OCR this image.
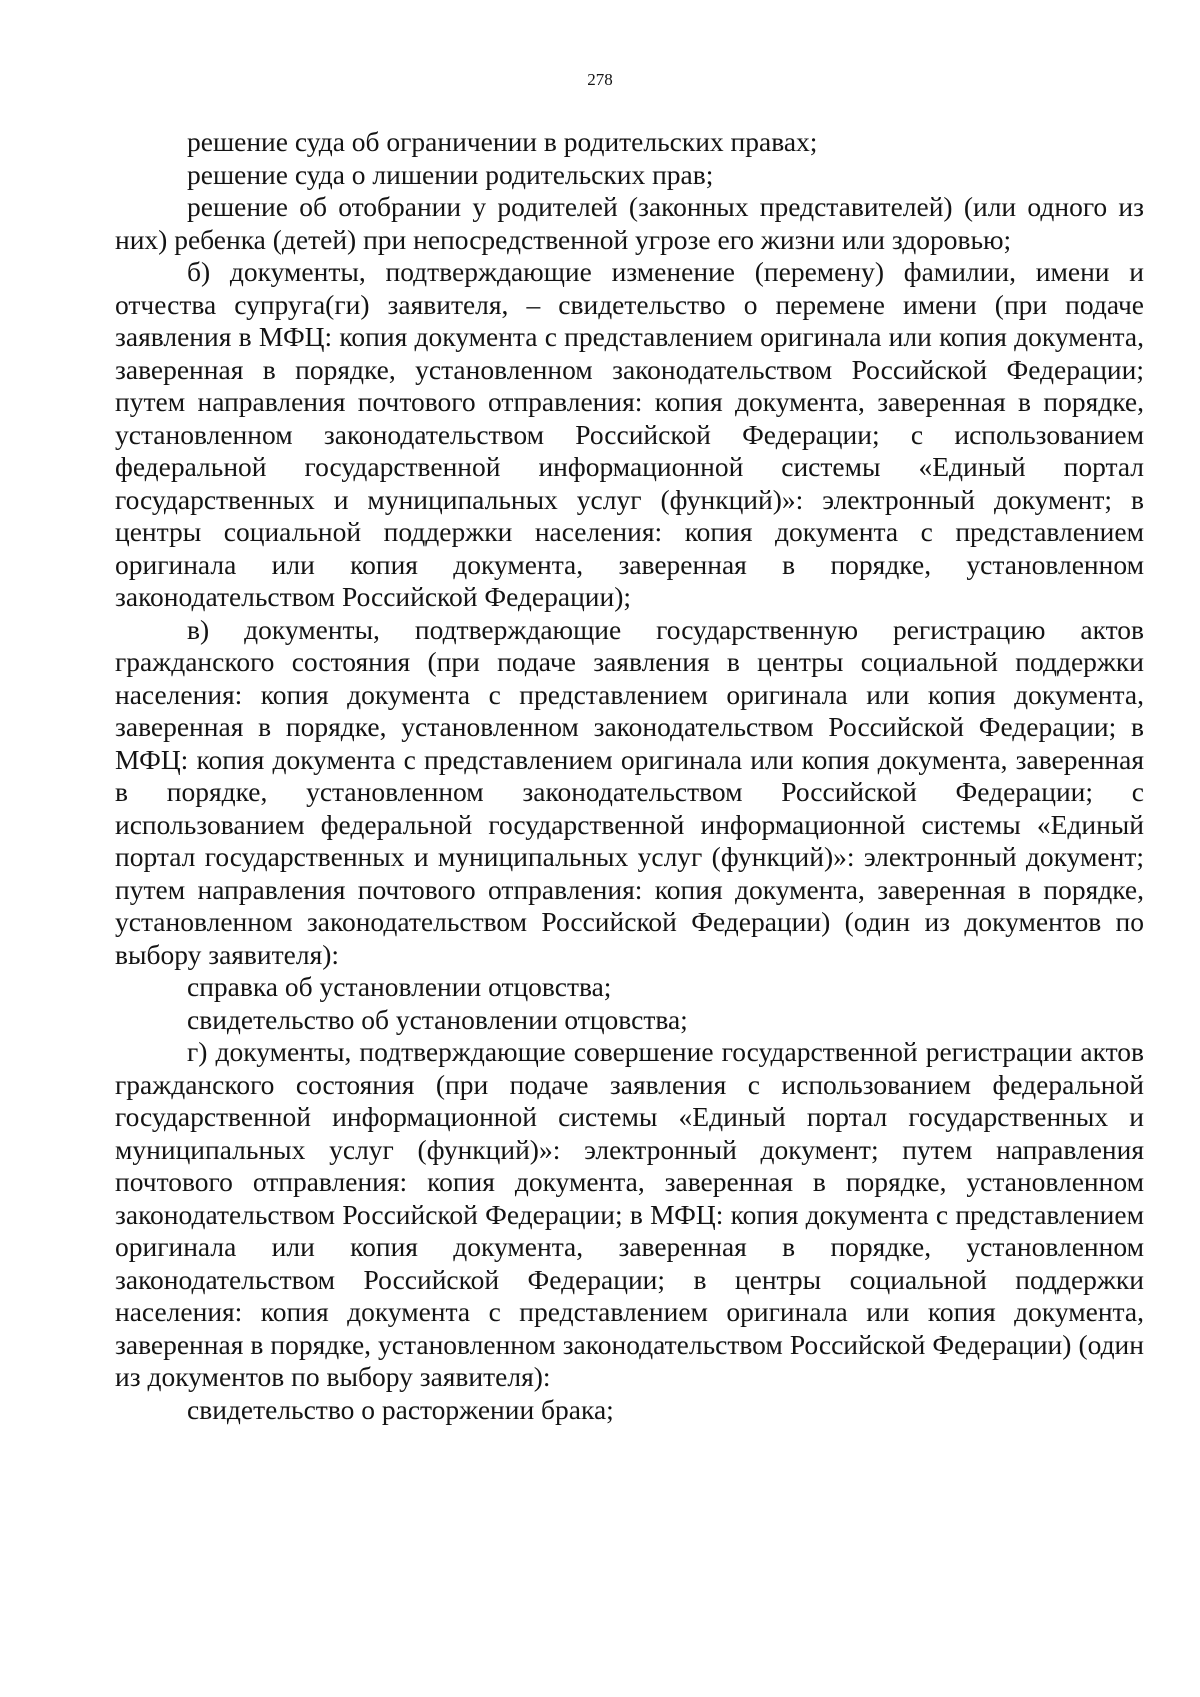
278

решение суда об ограничении в родительских правах;

решение суда о лишении родительских прав;

решение об отобрании у родителей (законных представителей) (или одного из них) ребенка (детей) при непосредственной угрозе его жизни или здоровью;

б) документы, подтверждающие изменение (перемену) фамилии, имени и отчества супруга(ги) заявителя, – свидетельство о перемене имени (при подаче заявления в МФЦ: копия документа с представлением оригинала или копия документа, заверенная в порядке, установленном законодательством Российской Федерации; путем направления почтового отправления: копия документа, заверенная в порядке, установленном законодательством Российской Федерации; с использованием федеральной государственной информационной системы «Единый портал государственных и муниципальных услуг (функций)»: электронный документ; в центры социальной поддержки населения: копия документа с представлением оригинала или копия документа, заверенная в порядке, установленном законодательством Российской Федерации);

в) документы, подтверждающие государственную регистрацию актов гражданского состояния (при подаче заявления в центры социальной поддержки населения: копия документа с представлением оригинала или копия документа, заверенная в порядке, установленном законодательством Российской Федерации; в МФЦ: копия документа с представлением оригинала или копия документа, заверенная в порядке, установленном законодательством Российской Федерации; с использованием федеральной государственной информационной системы «Единый портал государственных и муниципальных услуг (функций)»: электронный документ; путем направления почтового отправления: копия документа, заверенная в порядке, установленном законодательством Российской Федерации) (один из документов по выбору заявителя):

справка об установлении отцовства;

свидетельство об установлении отцовства;

г) документы, подтверждающие совершение государственной регистрации актов гражданского состояния (при подаче заявления с использованием федеральной государственной информационной системы «Единый портал государственных и муниципальных услуг (функций)»: электронный документ; путем направления почтового отправления: копия документа, заверенная в порядке, установленном законодательством Российской Федерации; в МФЦ: копия документа с представлением оригинала или копия документа, заверенная в порядке, установленном законодательством Российской Федерации; в центры социальной поддержки населения: копия документа с представлением оригинала или копия документа, заверенная в порядке, установленном законодательством Российской Федерации) (один из документов по выбору заявителя):

свидетельство о расторжении брака;
